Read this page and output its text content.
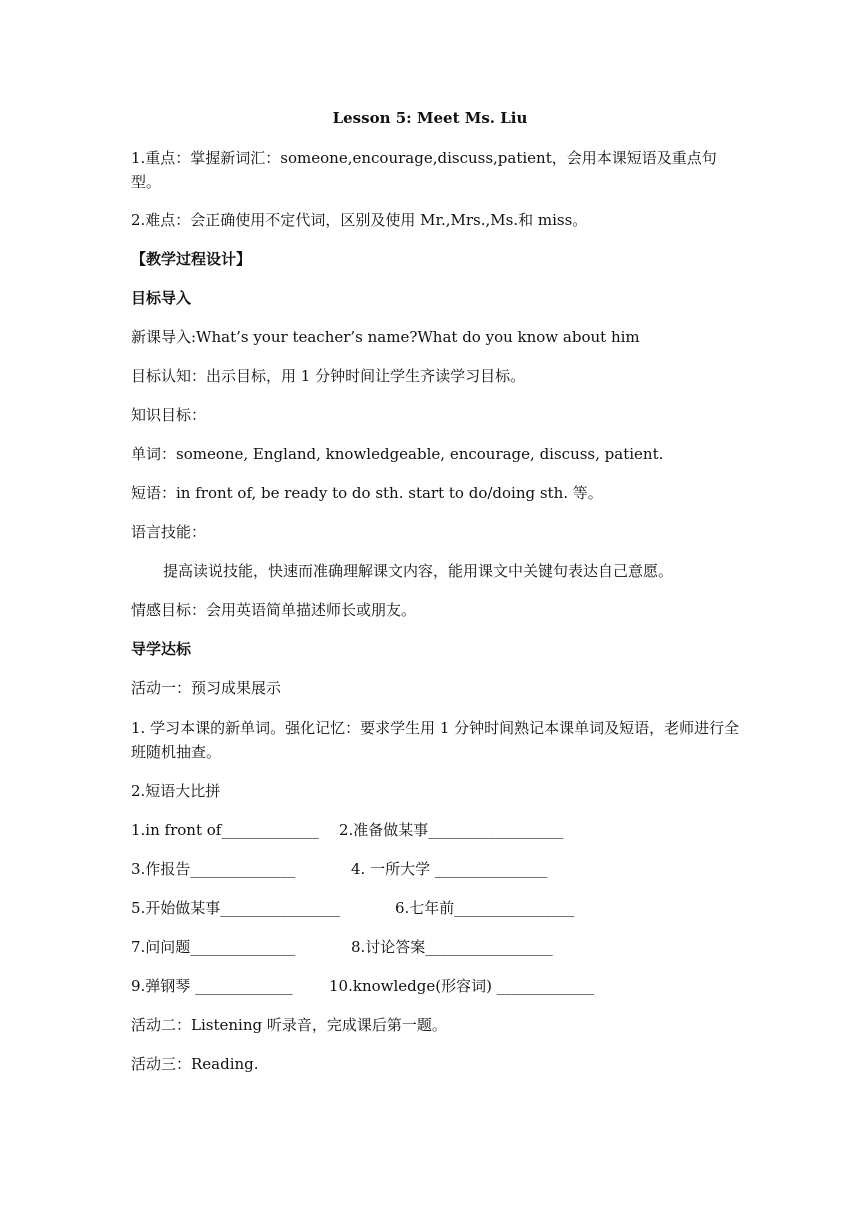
Lesson 5: Meet Ms. Liu
1.重点：掌握新词汇：someone,encourage,discuss,patient，会用本课短语及重点句型。
2.难点：会正确使用不定代词，区别及使用 Mr.,Mrs.,Ms.和 miss。
【教学过程设计】
目标导入
新课导入:What’s your teacher’s name?What do you know about him
目标认知：出示目标，用 1 分钟时间让学生齐读学习目标。
知识目标：
单词：someone, England, knowledgeable, encourage, discuss, patient.
短语：in front of, be ready to do sth. start to do/doing sth. 等。
语言技能：
提高读说技能，快速而准确理解课文内容，能用课文中关键句表达自己意愿。
情感目标：会用英语简单描述师长或朋友。
导学达标
活动一：预习成果展示
1. 学习本课的新单词。强化记忆：要求学生用 1 分钟时间熟记本课单词及短语，老师进行全班随机抽查。
2.短语大比拼
1.in front of_____________ 2.准备做某事__________________
3.作报告______________	4. 一所大学 _______________
5.开始做某事________________	6.七年前________________
7.问问题______________	8.讨论答案_________________
9.弹钢琴 _____________ 10.knowledge(形容词) _____________
活动二：Listening 听录音，完成课后第一题。
活动三：Reading.
